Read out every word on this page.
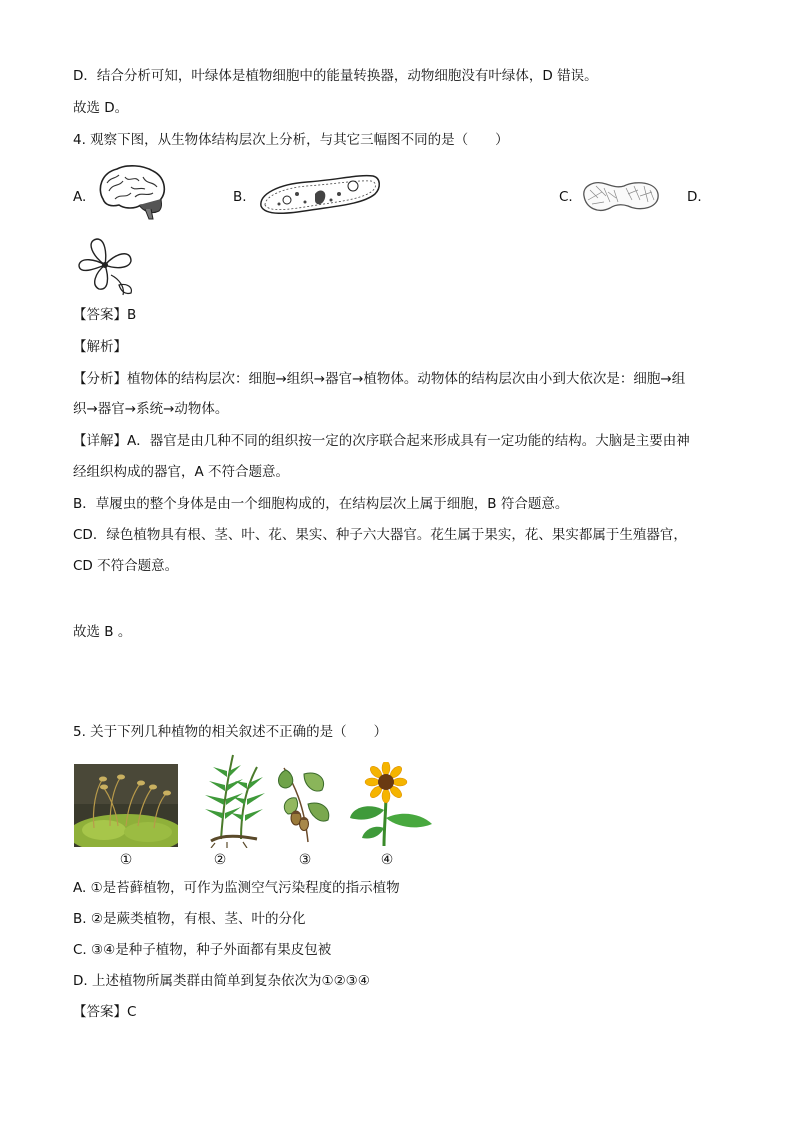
D．结合分析可知，叶绿体是植物细胞中的能量转换器，动物细胞没有叶绿体，D 错误。
故选 D。
4. 观察下图，从生物体结构层次上分析，与其它三幅图不同的是（　　）
A.	B.	C.	D.
【答案】B
【解析】
【分析】植物体的结构层次：细胞→组织→器官→植物体。动物体的结构层次由小到大依次是：细胞→组
织→器官→系统→动物体。
【详解】A．器官是由几种不同的组织按一定的次序联合起来形成具有一定功能的结构。大脑是主要由神
经组织构成的器官，A 不符合题意。
B．草履虫的整个身体是由一个细胞构成的，在结构层次上属于细胞，B 符合题意。
CD．绿色植物具有根、茎、叶、花、果实、种子六大器官。花生属于果实，花、果实都属于生殖器官，
CD 不符合题意。
故选 B 。
5. 关于下列几种植物的相关叙述不正确的是（　　）
①	②	③	④
A. ①是苔藓植物，可作为监测空气污染程度的指示植物
B. ②是蕨类植物，有根、茎、叶的分化
C. ③④是种子植物，种子外面都有果皮包被
D. 上述植物所属类群由简单到复杂依次为①②③④
【答案】C
